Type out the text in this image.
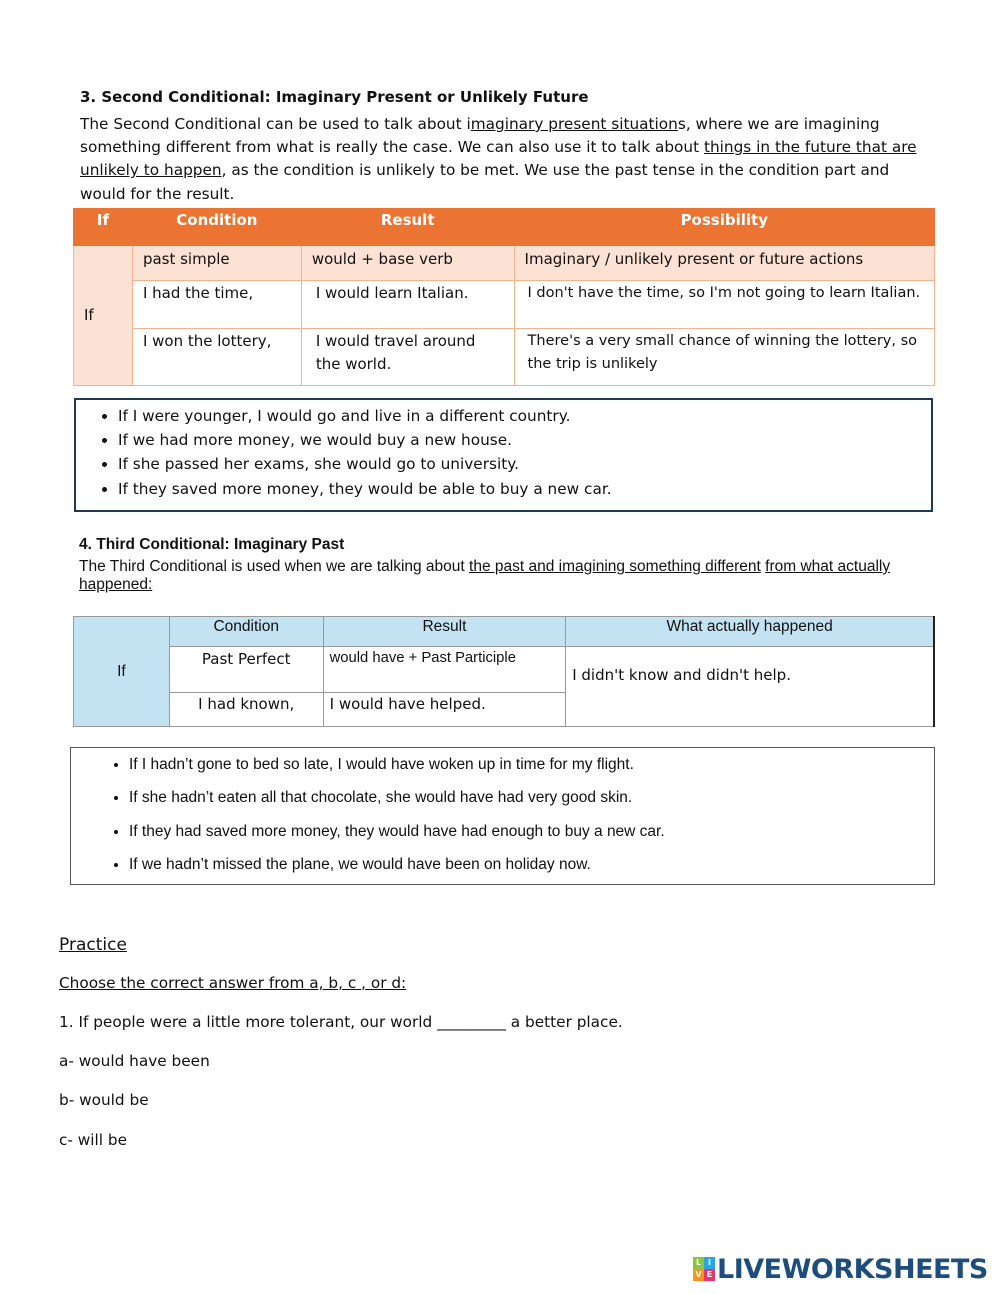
3. Second Conditional: Imaginary Present or Unlikely Future
The Second Conditional can be used to talk about imaginary present situations, where we are imagining something different from what is really the case. We can also use it to talk about things in the future that are unlikely to happen, as the condition is unlikely to be met. We use the past tense in the condition part and would for the result.
If	Condition	Result	Possibility
If	past simple	would + base verb	Imaginary / unlikely present or future actions
	I had the time,	I would learn Italian.	I don't have the time, so I'm not going to learn Italian.
	I won the lottery,	I would travel around the world.	There's a very small chance of winning the lottery, so the trip is unlikely
• If I were younger, I would go and live in a different country.
• If we had more money, we would buy a new house.
• If she passed her exams, she would go to university.
• If they saved more money, they would be able to buy a new car.
4. Third Conditional: Imaginary Past
The Third Conditional is used when we are talking about the past and imagining something different from what actually happened:
If	Condition	Result	What actually happened
	Past Perfect	would have + Past Participle	I didn't know and didn't help.
	I had known,	I would have helped.	
• If I hadn’t gone to bed so late, I would have woken up in time for my flight.
• If she hadn’t eaten all that chocolate, she would have had very good skin.
• If they had saved more money, they would have had enough to buy a new car.
• If we hadn’t missed the plane, we would have been on holiday now.
Practice
Choose the correct answer from a, b, c , or d:
1. If people were a little more tolerant, our world _________ a better place.
a- would have been
b- would be
c- will be
L I
V E LIVEWORKSHEETS
